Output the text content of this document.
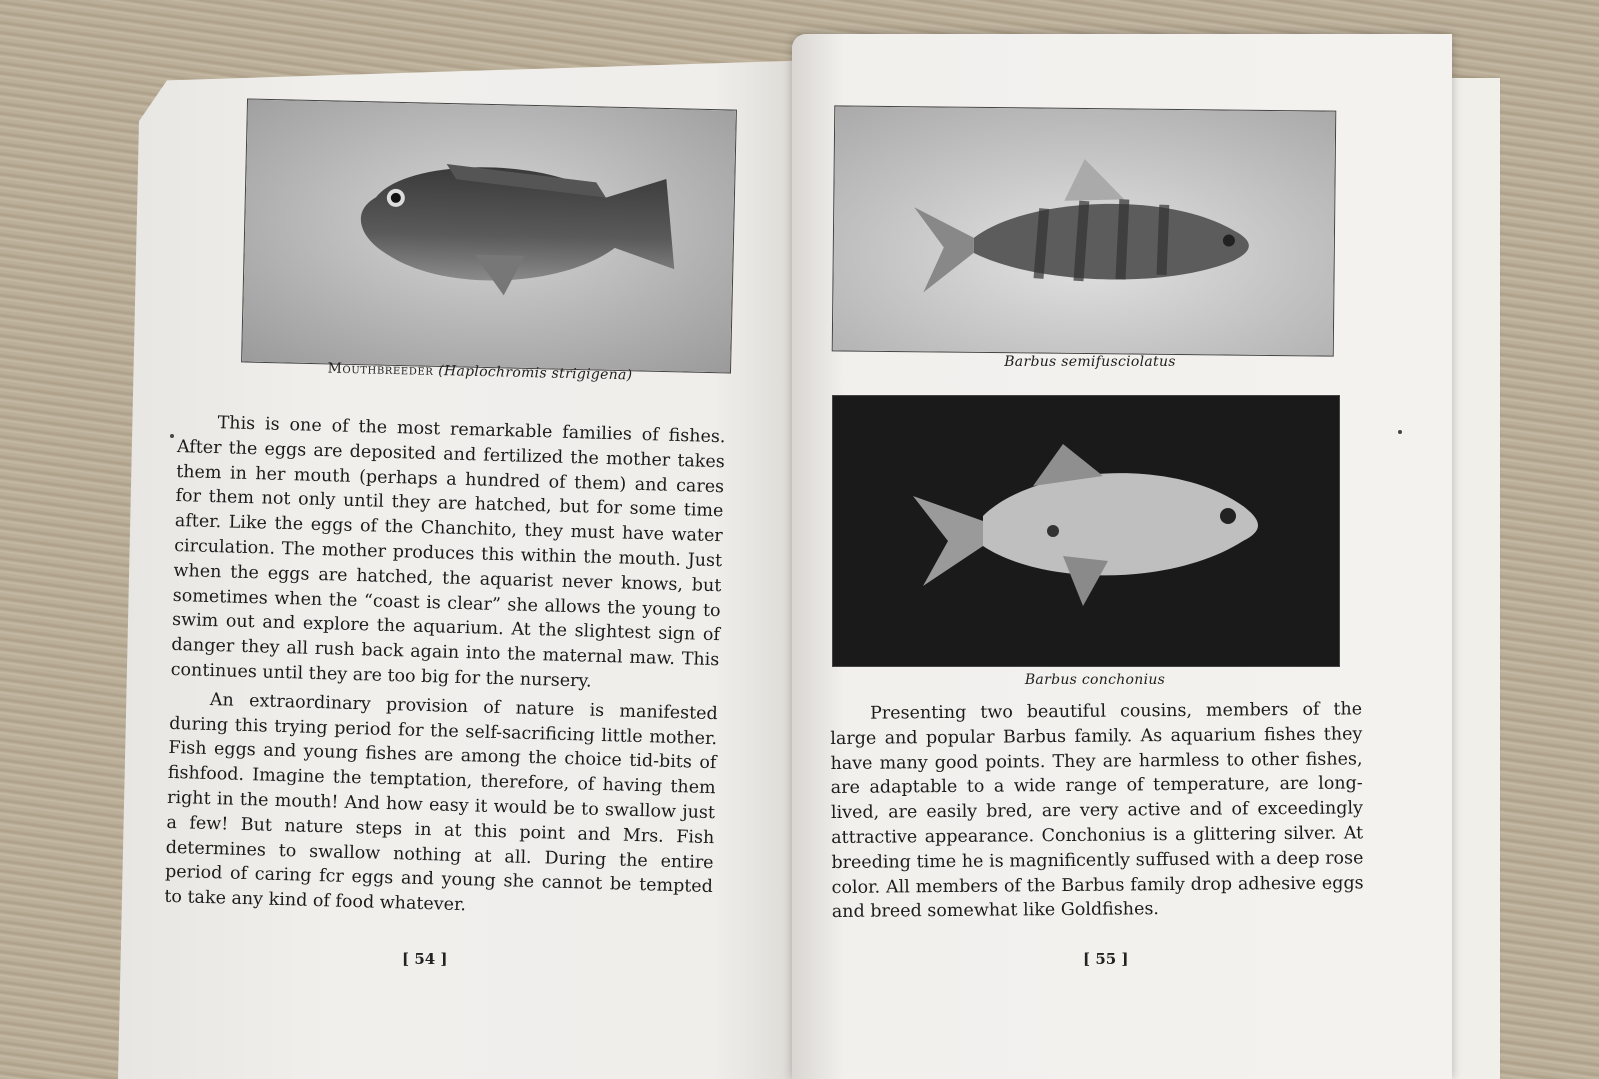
Mouthbreeder (Haplochromis strigigena)

This is one of the most remarkable families of fishes. After the eggs are deposited and fertilized the mother takes them in her mouth (perhaps a hundred of them) and cares for them not only until they are hatched, but for some time after. Like the eggs of the Chanchito, they must have water circulation. The mother produces this within the mouth. Just when the eggs are hatched, the aquarist never knows, but sometimes when the “coast is clear” she allows the young to swim out and explore the aquarium. At the slightest sign of danger they all rush back again into the maternal maw. This continues until they are too big for the nursery.

An extraordinary provision of nature is manifested during this trying period for the self-sacrificing little mother. Fish eggs and young fishes are among the choice tid-bits of fishfood. Imagine the temptation, therefore, of having them right in the mouth! And how easy it would be to swallow just a few! But nature steps in at this point and Mrs. Fish determines to swallow nothing at all. During the entire period of caring fcr eggs and young she cannot be tempted to take any kind of food whatever.

[ 54 ]
Barbus semifusciolatus
Barbus conchonius

Presenting two beautiful cousins, members of the large and popular Barbus family. As aquarium fishes they have many good points. They are harmless to other fishes, are adaptable to a wide range of temperature, are long-lived, are easily bred, are very active and of exceedingly attractive appearance. Conchonius is a glittering silver. At breeding time he is magnificently suffused with a deep rose color. All members of the Barbus family drop adhesive eggs and breed somewhat like Goldfishes.

[ 55 ]
